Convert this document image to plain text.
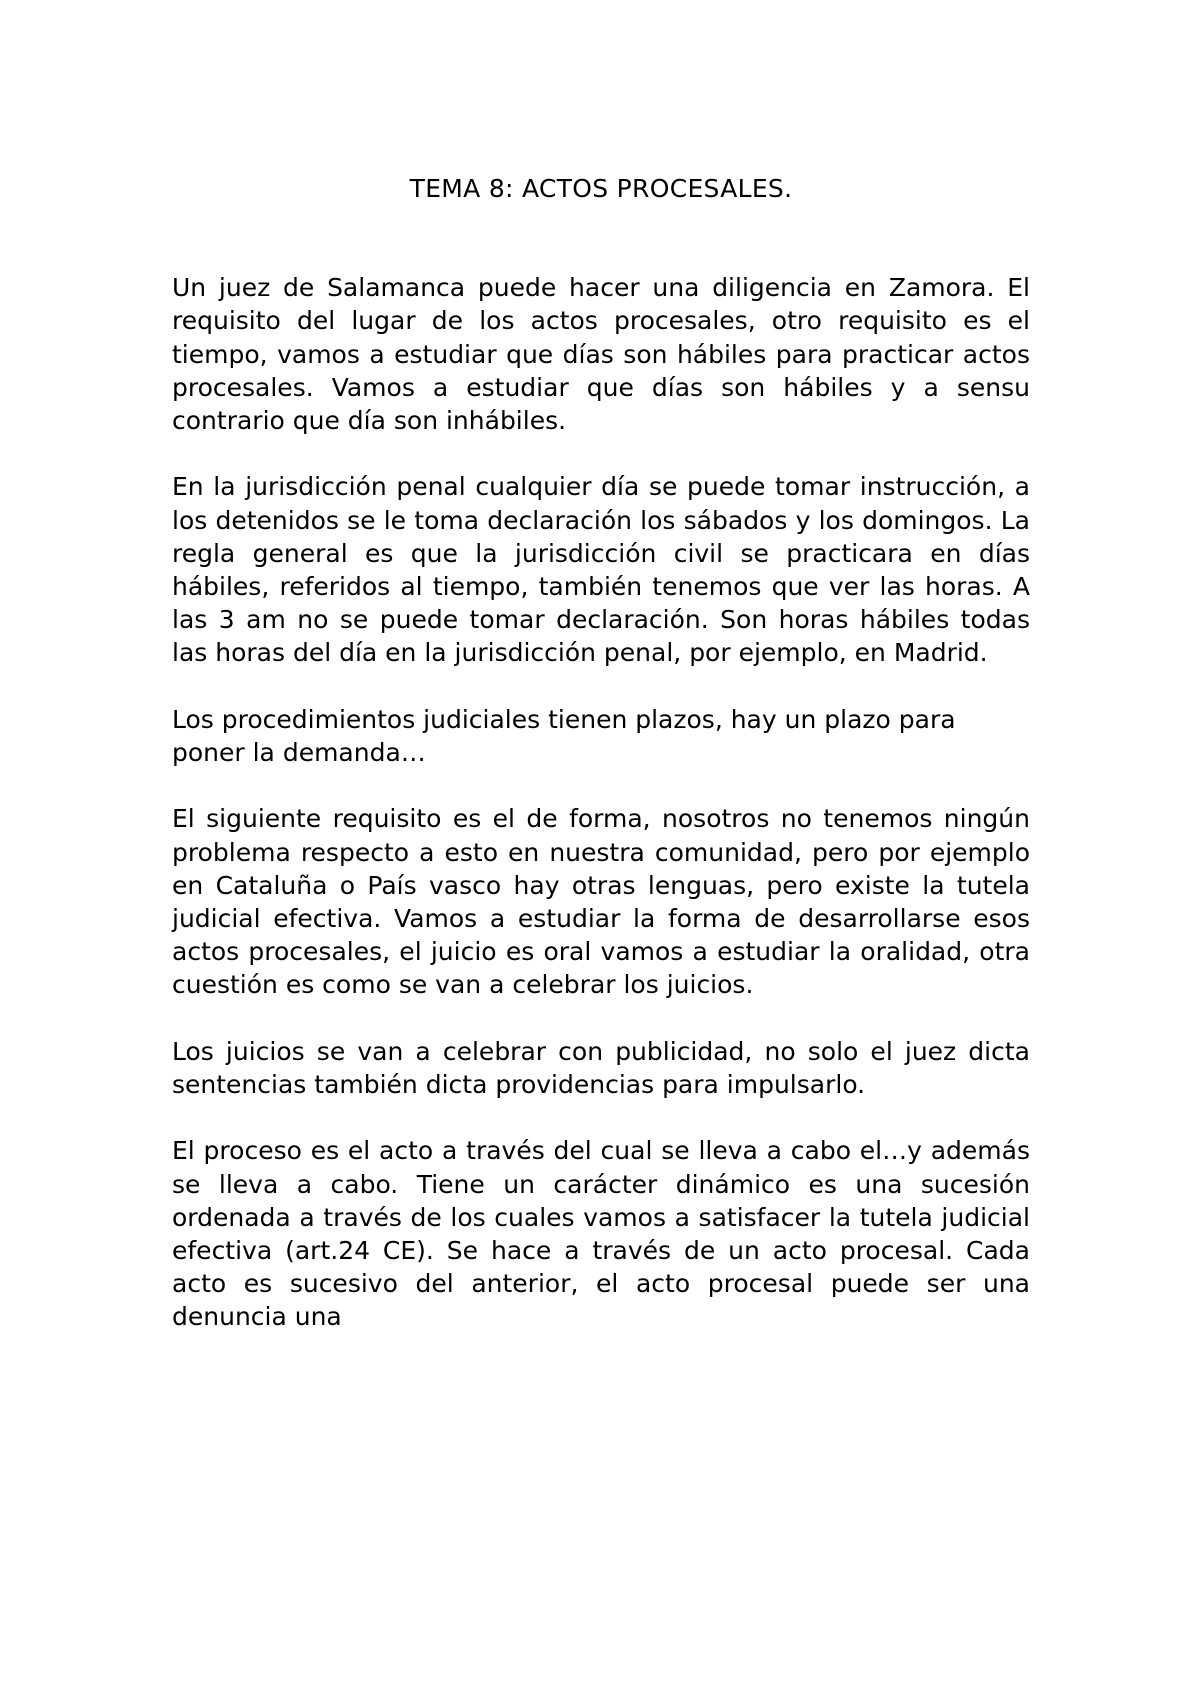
TEMA 8: ACTOS PROCESALES.

Un juez de Salamanca puede hacer una diligencia en Zamora. El requisito del lugar de los actos procesales, otro requisito es el tiempo, vamos a estudiar que días son hábiles para practicar actos procesales. Vamos a estudiar que días son hábiles y a sensu contrario que día son inhábiles.

En la jurisdicción penal cualquier día se puede tomar instrucción, a los detenidos se le toma declaración los sábados y los domingos. La regla general es que la jurisdicción civil se practicara en días hábiles, referidos al tiempo, también tenemos que ver las horas. A las 3 am no se puede tomar declaración. Son horas hábiles todas las horas del día en la jurisdicción penal, por ejemplo, en Madrid.

Los procedimientos judiciales tienen plazos, hay un plazo para poner la demanda…

El siguiente requisito es el de forma, nosotros no tenemos ningún problema respecto a esto en nuestra comunidad, pero por ejemplo en Cataluña o País vasco hay otras lenguas, pero existe la tutela judicial efectiva. Vamos a estudiar la forma de desarrollarse esos actos procesales, el juicio es oral vamos a estudiar la oralidad, otra cuestión es como se van a celebrar los juicios.

Los juicios se van a celebrar con publicidad, no solo el juez dicta sentencias también dicta providencias para impulsarlo.

El proceso es el acto a través del cual se lleva a cabo el…y además se lleva a cabo. Tiene un carácter dinámico es una sucesión ordenada a través de los cuales vamos a satisfacer la tutela judicial efectiva (art.24 CE). Se hace a través de un acto procesal. Cada acto es sucesivo del anterior, el acto procesal puede ser una denuncia una
